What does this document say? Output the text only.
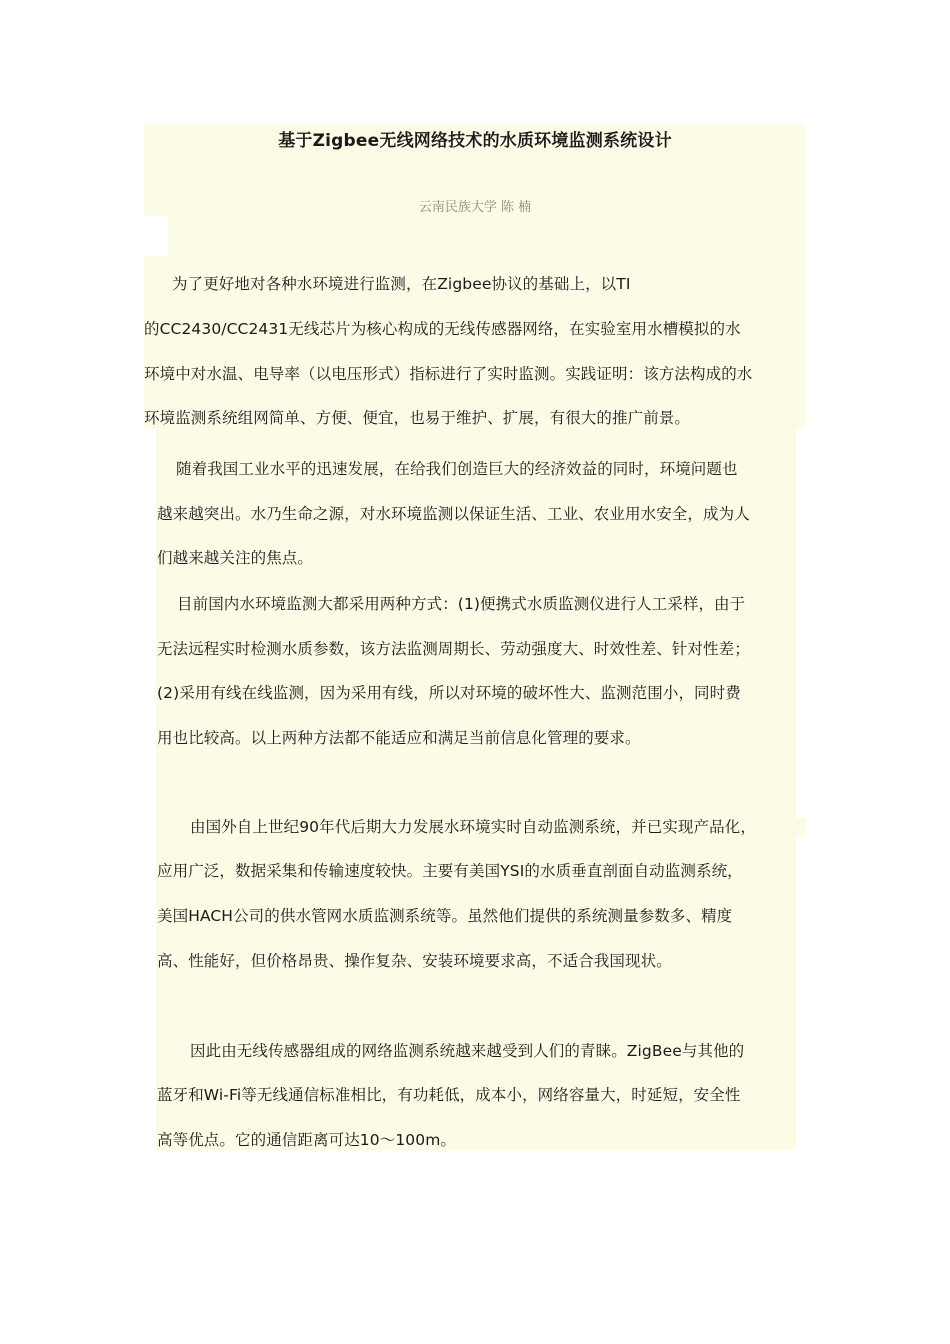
基于Zigbee无线网络技术的水质环境监测系统设计
云南民族大学 陈 楠
为了更好地对各种水环境进行监测，在Zigbee协议的基础上，以TI
的CC2430/CC2431无线芯片为核心构成的无线传感器网络，在实验室用水槽模拟的水
环境中对水温、电导率（以电压形式）指标进行了实时监测。实践证明：该方法构成的水
环境监测系统组网简单、方便、便宜，也易于维护、扩展，有很大的推广前景。
随着我国工业水平的迅速发展，在给我们创造巨大的经济效益的同时，环境问题也
越来越突出。水乃生命之源，对水环境监测以保证生活、工业、农业用水安全，成为人
们越来越关注的焦点。
目前国内水环境监测大都采用两种方式：(1)便携式水质监测仪进行人工采样，由于
无法远程实时检测水质参数，该方法监测周期长、劳动强度大、时效性差、针对性差；
(2)采用有线在线监测，因为采用有线，所以对环境的破坏性大、监测范围小，同时费
用也比较高。以上两种方法都不能适应和满足当前信息化管理的要求。
由国外自上世纪90年代后期大力发展水环境实时自动监测系统，并已实现产品化，
应用广泛，数据采集和传输速度较快。主要有美国YSI的水质垂直剖面自动监测系统，
美国HACH公司的供水管网水质监测系统等。虽然他们提供的系统测量参数多、精度
高、性能好，但价格昂贵、操作复杂、安装环境要求高，不适合我国现状。
因此由无线传感器组成的网络监测系统越来越受到人们的青睐。ZigBee与其他的
蓝牙和Wi-Fi等无线通信标准相比，有功耗低，成本小，网络容量大，时延短，安全性
高等优点。它的通信距离可达10～100m。
